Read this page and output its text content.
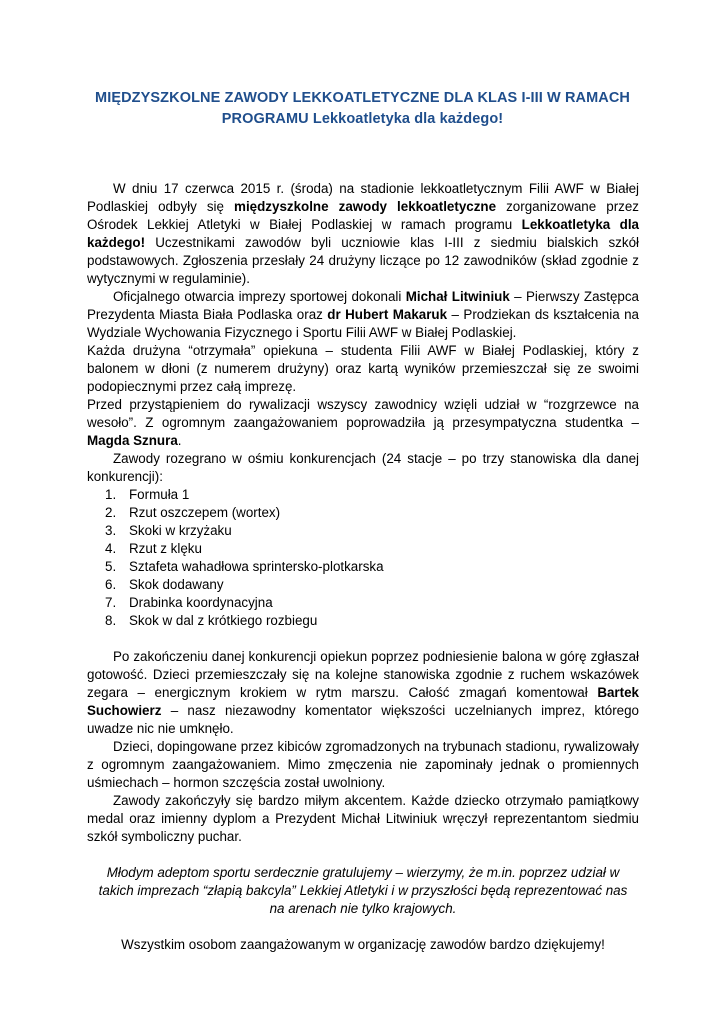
MIĘDZYSZKOLNE ZAWODY LEKKOATLETYCZNE DLA KLAS I-III W RAMACH
PROGRAMU Lekkoatletyka dla każdego!

W dniu 17 czerwca 2015 r. (środa) na stadionie lekkoatletycznym Filii AWF w Białej Podlaskiej odbyły się międzyszkolne zawody lekkoatletyczne zorganizowane przez Ośrodek Lekkiej Atletyki w Białej Podlaskiej w ramach programu Lekkoatletyka dla każdego! Uczestnikami zawodów byli uczniowie klas I-III z siedmiu bialskich szkół podstawowych. Zgłoszenia przesłały 24 drużyny liczące po 12 zawodników (skład zgodnie z wytycznymi w regulaminie).

Oficjalnego otwarcia imprezy sportowej dokonali Michał Litwiniuk – Pierwszy Zastępca Prezydenta Miasta Biała Podlaska oraz dr Hubert Makaruk – Prodziekan ds kształcenia na Wydziale Wychowania Fizycznego i Sportu Filii AWF w Białej Podlaskiej.

Każda drużyna “otrzymała” opiekuna – studenta Filii AWF w Białej Podlaskiej, który z balonem w dłoni (z numerem drużyny) oraz kartą wyników przemieszczał się ze swoimi podopiecznymi przez całą imprezę.

Przed przystąpieniem do rywalizacji wszyscy zawodnicy wzięli udział w “rozgrzewce na wesoło”. Z ogromnym zaangażowaniem poprowadziła ją przesympatyczna studentka – Magda Sznura.

Zawody rozegrano w ośmiu konkurencjach (24 stacje – po trzy stanowiska dla danej konkurencji):

1. Formuła 1
2. Rzut oszczepem (wortex)
3. Skoki w krzyżaku
4. Rzut z klęku
5. Sztafeta wahadłowa sprintersko-plotkarska
6. Skok dodawany
7. Drabinka koordynacyjna
8. Skok w dal z krótkiego rozbiegu

Po zakończeniu danej konkurencji opiekun poprzez podniesienie balona w górę zgłaszał gotowość. Dzieci przemieszczały się na kolejne stanowiska zgodnie z ruchem wskazówek zegara – energicznym krokiem w rytm marszu. Całość zmagań komentował Bartek Suchowierz – nasz niezawodny komentator większości uczelnianych imprez, którego uwadze nic nie umknęło.

Dzieci, dopingowane przez kibiców zgromadzonych na trybunach stadionu, rywalizowały z ogromnym zaangażowaniem. Mimo zmęczenia nie zapominały jednak o promiennych uśmiechach – hormon szczęścia został uwolniony.

Zawody zakończyły się bardzo miłym akcentem. Każde dziecko otrzymało pamiątkowy medal oraz imienny dyplom a Prezydent Michał Litwiniuk wręczył reprezentantom siedmiu szkół symboliczny puchar.

Młodym adeptom sportu serdecznie gratulujemy – wierzymy, że m.in. poprzez udział w takich imprezach “złapią bakcyla” Lekkiej Atletyki i w przyszłości będą reprezentować nas na arenach nie tylko krajowych.

Wszystkim osobom zaangażowanym w organizację zawodów bardzo dziękujemy!
